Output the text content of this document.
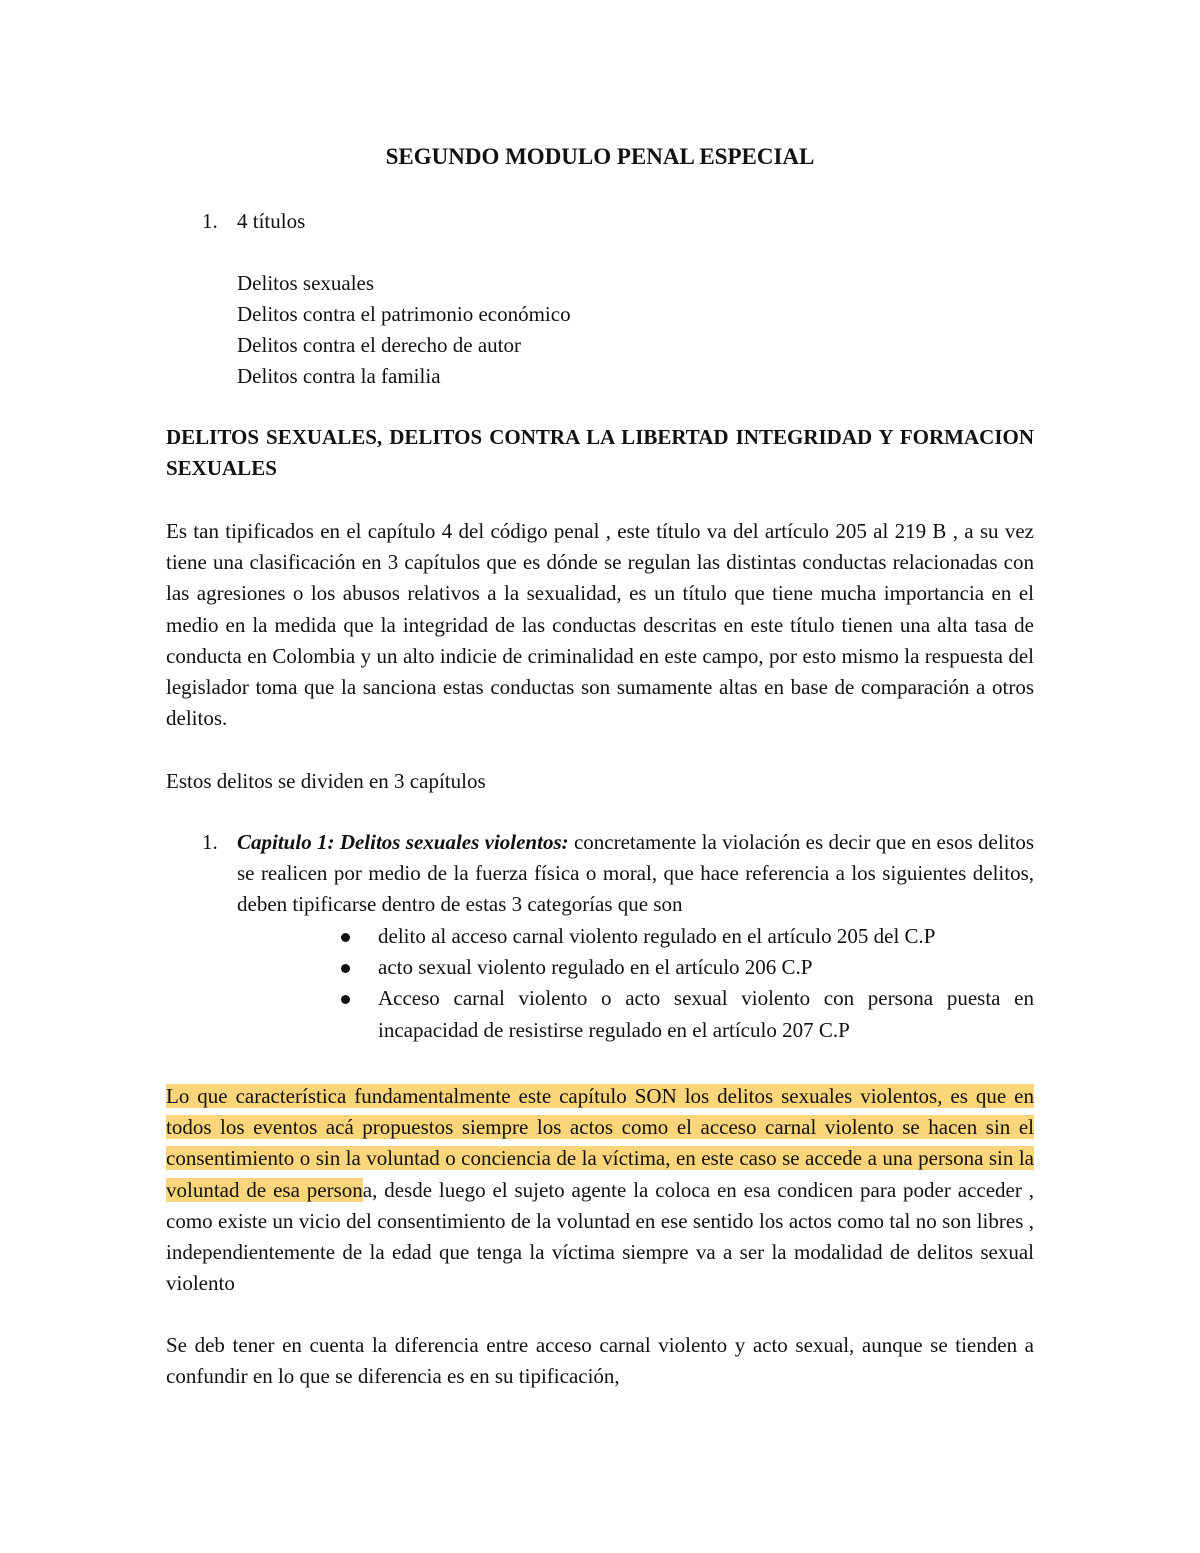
SEGUNDO MODULO PENAL ESPECIAL
1. 4 títulos
Delitos sexuales
Delitos contra el patrimonio económico
Delitos contra el derecho de autor
Delitos contra la familia
DELITOS SEXUALES, DELITOS CONTRA LA LIBERTAD INTEGRIDAD Y FORMACION SEXUALES
Es tan tipificados en el capítulo 4 del código penal , este título va del artículo 205 al 219 B , a su vez tiene una clasificación en 3 capítulos que es dónde se regulan las distintas conductas relacionadas con las agresiones o los abusos relativos a la sexualidad, es un título que tiene mucha importancia en el medio en la medida que la integridad de las conductas descritas en este título tienen una alta tasa de conducta en Colombia y un alto indicie de criminalidad en este campo, por esto mismo la respuesta del legislador toma que la sanciona estas conductas son sumamente altas en base de comparación a otros delitos.
Estos delitos se dividen en 3 capítulos
1. Capitulo 1: Delitos sexuales violentos: concretamente la violación es decir que en esos delitos se realicen por medio de la fuerza física o moral, que hace referencia a los siguientes delitos, deben tipificarse dentro de estas 3 categorías que son
delito al acceso carnal violento regulado en el artículo 205 del C.P
acto sexual violento regulado en el artículo 206 C.P
Acceso carnal violento o acto sexual violento con persona puesta en incapacidad de resistirse regulado en el artículo 207 C.P
Lo que característica fundamentalmente este capítulo SON los delitos sexuales violentos, es que en todos los eventos acá propuestos siempre los actos como el acceso carnal violento se hacen sin el consentimiento o sin la voluntad o conciencia de la víctima, en este caso se accede a una persona sin la voluntad de esa persona, desde luego el sujeto agente la coloca en esa condicen para poder acceder , como existe un vicio del consentimiento de la voluntad en ese sentido los actos como tal no son libres , independientemente de la edad que tenga la víctima siempre va a ser la modalidad de delitos sexual violento
Se deb tener en cuenta la diferencia entre acceso carnal violento y acto sexual, aunque se tienden a confundir en lo que se diferencia es en su tipificación,
